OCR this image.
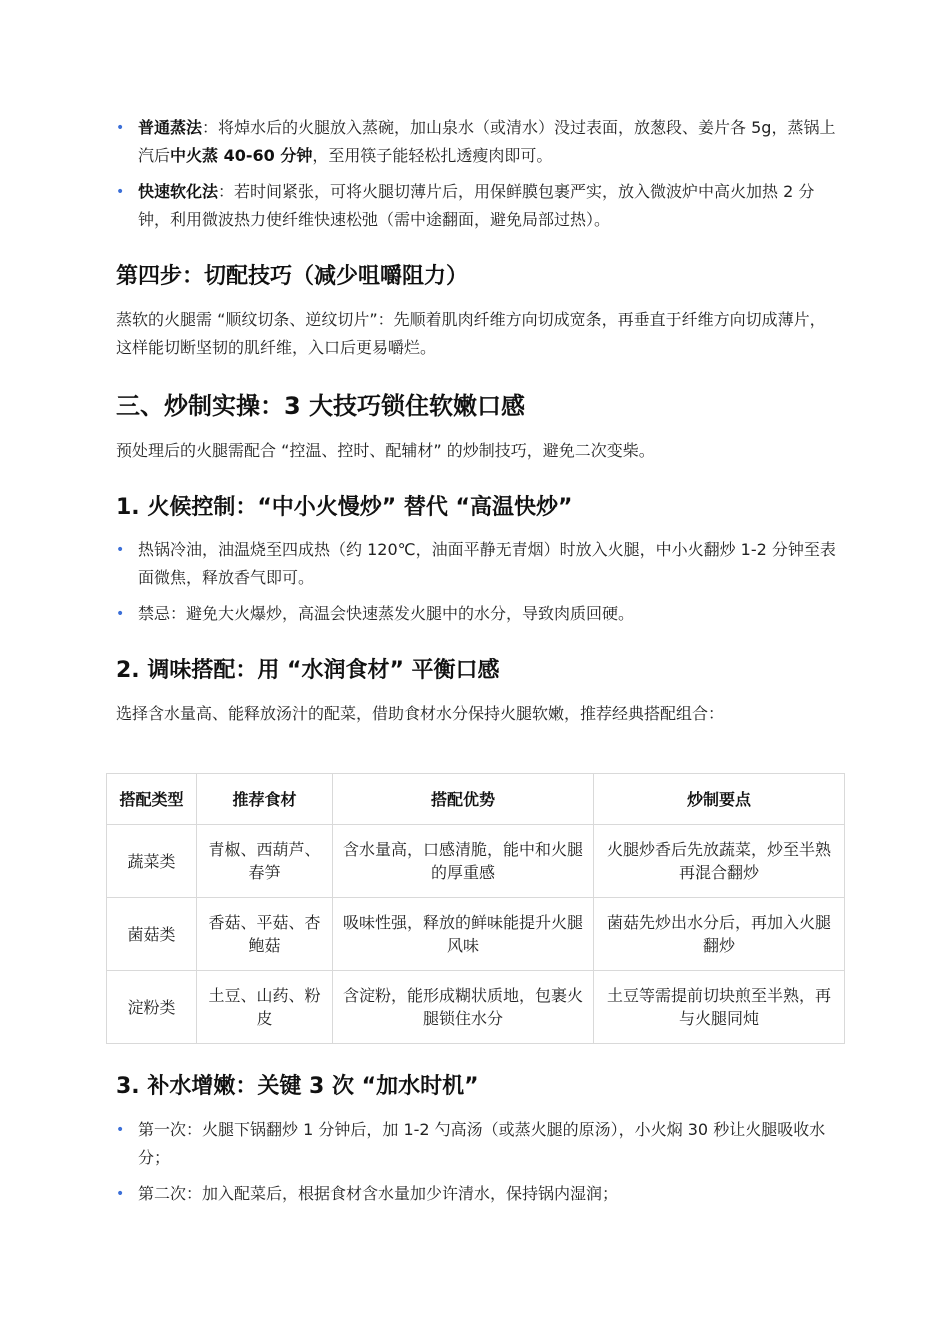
• 普通蒸法：将焯水后的火腿放入蒸碗，加山泉水（或清水）没过表面，放葱段、姜片各 5g，蒸锅上汽后中火蒸 40-60 分钟，至用筷子能轻松扎透瘦肉即可。
• 快速软化法：若时间紧张，可将火腿切薄片后，用保鲜膜包裹严实，放入微波炉中高火加热 2 分钟，利用微波热力使纤维快速松弛（需中途翻面，避免局部过热）。
第四步：切配技巧（减少咀嚼阻力）

蒸软的火腿需 “顺纹切条、逆纹切片”：先顺着肌肉纤维方向切成宽条，再垂直于纤维方向切成薄片，这样能切断坚韧的肌纤维，入口后更易嚼烂。

三、炒制实操：3 大技巧锁住软嫩口感

预处理后的火腿需配合 “控温、控时、配辅材” 的炒制技巧，避免二次变柴。

1. 火候控制：“中小火慢炒” 替代 “高温快炒”
• 热锅冷油，油温烧至四成热（约 120℃，油面平静无青烟）时放入火腿，中小火翻炒 1-2 分钟至表面微焦，释放香气即可。
• 禁忌：避免大火爆炒，高温会快速蒸发火腿中的水分，导致肉质回硬。
2. 调味搭配：用 “水润食材” 平衡口感

选择含水量高、能释放汤汁的配菜，借助食材水分保持火腿软嫩，推荐经典搭配组合：

搭配类型	推荐食材	搭配优势	炒制要点
蔬菜类	青椒、西葫芦、春笋	含水量高，口感清脆，能中和火腿的厚重感	火腿炒香后先放蔬菜，炒至半熟再混合翻炒
菌菇类	香菇、平菇、杏鲍菇	吸味性强，释放的鲜味能提升火腿风味	菌菇先炒出水分后，再加入火腿翻炒
淀粉类	土豆、山药、粉皮	含淀粉，能形成糊状质地，包裹火腿锁住水分	土豆等需提前切块煎至半熟，再与火腿同炖
3. 补水增嫩：关键 3 次 “加水时机”
• 第一次：火腿下锅翻炒 1 分钟后，加 1-2 勺高汤（或蒸火腿的原汤），小火焖 30 秒让火腿吸收水分；
• 第二次：加入配菜后，根据食材含水量加少许清水，保持锅内湿润；
